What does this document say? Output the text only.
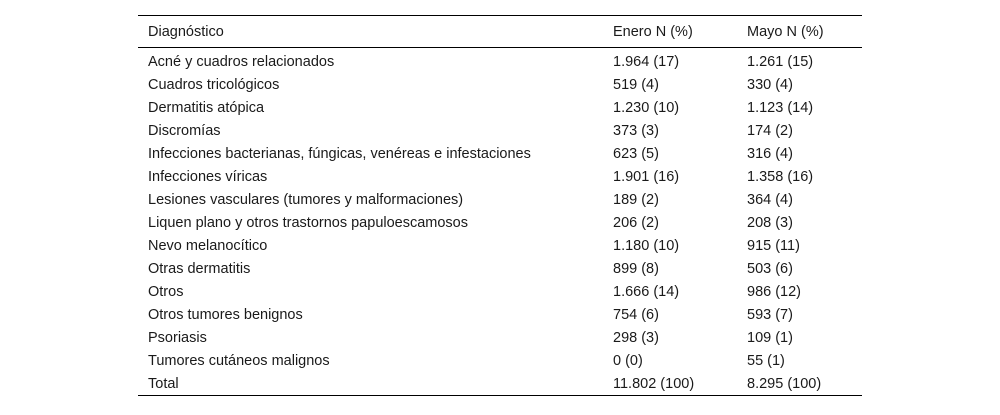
Diagnóstico	Enero N (%)	Mayo N (%)
Acné y cuadros relacionados	1.964 (17)	1.261 (15)
Cuadros tricológicos	519 (4)	330 (4)
Dermatitis atópica	1.230 (10)	1.123 (14)
Discromías	373 (3)	174 (2)
Infecciones bacterianas, fúngicas, venéreas e infestaciones	623 (5)	316 (4)
Infecciones víricas	1.901 (16)	1.358 (16)
Lesiones vasculares (tumores y malformaciones)	189 (2)	364 (4)
Liquen plano y otros trastornos papuloescamosos	206 (2)	208 (3)
Nevo melanocítico	1.180 (10)	915 (11)
Otras dermatitis	899 (8)	503 (6)
Otros	1.666 (14)	986 (12)
Otros tumores benignos	754 (6)	593 (7)
Psoriasis	298 (3)	109 (1)
Tumores cutáneos malignos	0 (0)	55 (1)
Total	11.802 (100)	8.295 (100)
